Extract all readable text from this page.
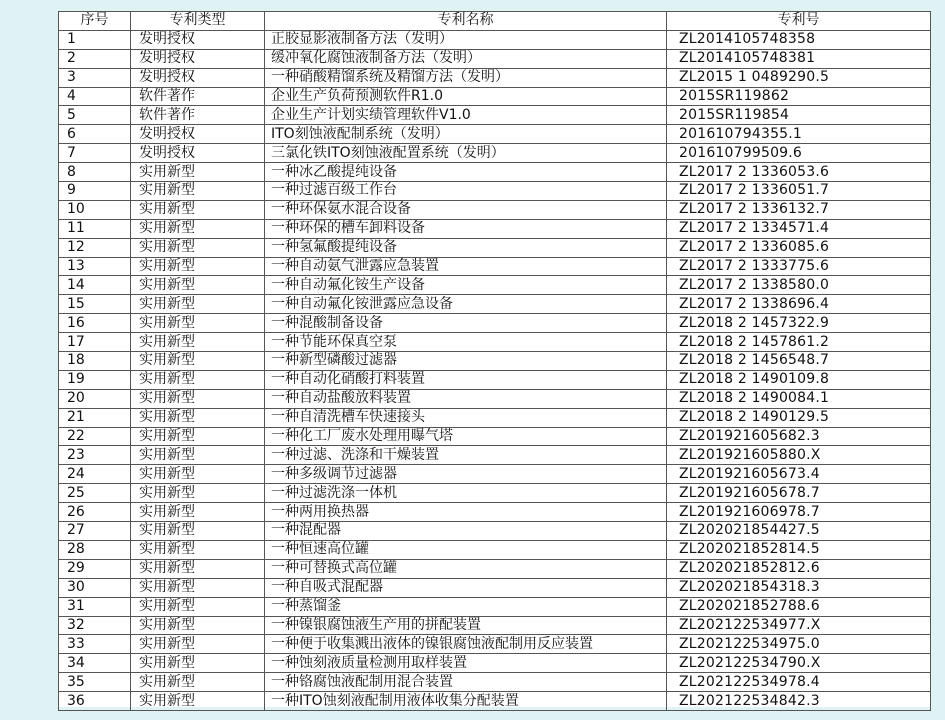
序号	专利类型	专利名称	专利号
1	发明授权	正胶显影液制备方法（发明）	ZL2014105748358
2	发明授权	缓冲氧化腐蚀液制备方法（发明）	ZL2014105748381
3	发明授权	一种硝酸精馏系统及精馏方法（发明）	ZL2015 1 0489290.5
4	软件著作	企业生产负荷预测软件R1.0	2015SR119862
5	软件著作	企业生产计划实绩管理软件V1.0	2015SR119854
6	发明授权	ITO刻蚀液配制系统（发明）	201610794355.1
7	发明授权	三氯化铁ITO刻蚀液配置系统（发明）	201610799509.6
8	实用新型	一种冰乙酸提纯设备	ZL2017 2 1336053.6
9	实用新型	一种过滤百级工作台	ZL2017 2 1336051.7
10	实用新型	一种环保氨水混合设备	ZL2017 2 1336132.7
11	实用新型	一种环保的槽车卸料设备	ZL2017 2 1334571.4
12	实用新型	一种氢氟酸提纯设备	ZL2017 2 1336085.6
13	实用新型	一种自动氨气泄露应急装置	ZL2017 2 1333775.6
14	实用新型	一种自动氟化铵生产设备	ZL2017 2 1338580.0
15	实用新型	一种自动氟化铵泄露应急设备	ZL2017 2 1338696.4
16	实用新型	一种混酸制备设备	ZL2018 2 1457322.9
17	实用新型	一种节能环保真空泵	ZL2018 2 1457861.2
18	实用新型	一种新型磷酸过滤器	ZL2018 2 1456548.7
19	实用新型	一种自动化硝酸打料装置	ZL2018 2 1490109.8
20	实用新型	一种自动盐酸放料装置	ZL2018 2 1490084.1
21	实用新型	一种自清洗槽车快速接头	ZL2018 2 1490129.5
22	实用新型	一种化工厂废水处理用曝气塔	ZL201921605682.3
23	实用新型	一种过滤、洗涤和干燥装置	ZL201921605880.X
24	实用新型	一种多级调节过滤器	ZL201921605673.4
25	实用新型	一种过滤洗涤一体机	ZL201921605678.7
26	实用新型	一种两用换热器	ZL201921606978.7
27	实用新型	一种混配器	ZL202021854427.5
28	实用新型	一种恒速高位罐	ZL202021852814.5
29	实用新型	一种可替换式高位罐	ZL202021852812.6
30	实用新型	一种自吸式混配器	ZL202021854318.3
31	实用新型	一种蒸馏釜	ZL202021852788.6
32	实用新型	一种镍银腐蚀液生产用的拼配装置	ZL202122534977.X
33	实用新型	一种便于收集溅出液体的镍银腐蚀液配制用反应装置	ZL202122534975.0
34	实用新型	一种蚀刻液质量检测用取样装置	ZL202122534790.X
35	实用新型	一种铬腐蚀液配制用混合装置	ZL202122534978.4
36	实用新型	一种ITO蚀刻液配制用液体收集分配装置	ZL202122534842.3
